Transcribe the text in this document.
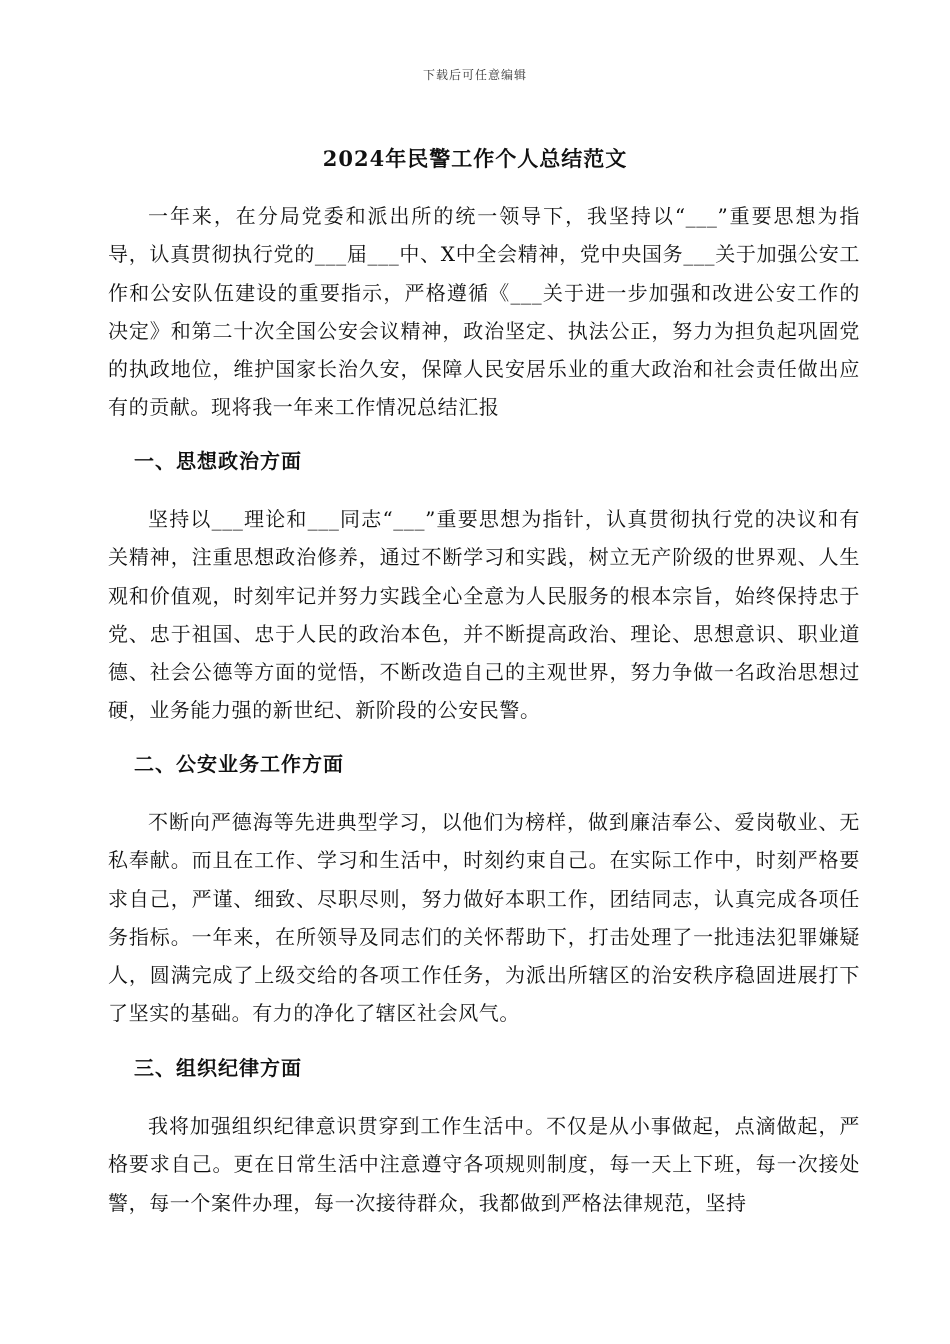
下载后可任意编辑
2024年民警工作个人总结范文

一年来，在分局党委和派出所的统一领导下，我坚持以“___”重要思想为指导，认真贯彻执行党的___届___中、X中全会精神，党中央国务___关于加强公安工作和公安队伍建设的重要指示，严格遵循《___关于进一步加强和改进公安工作的决定》和第二十次全国公安会议精神，政治坚定、执法公正，努力为担负起巩固党的执政地位，维护国家长治久安，保障人民安居乐业的重大政治和社会责任做出应有的贡献。现将我一年来工作情况总结汇报

一、思想政治方面

坚持以___理论和___同志“___”重要思想为指针，认真贯彻执行党的决议和有关精神，注重思想政治修养，通过不断学习和实践，树立无产阶级的世界观、人生观和价值观，时刻牢记并努力实践全心全意为人民服务的根本宗旨，始终保持忠于党、忠于祖国、忠于人民的政治本色，并不断提高政治、理论、思想意识、职业道德、社会公德等方面的觉悟，不断改造自己的主观世界，努力争做一名政治思想过硬，业务能力强的新世纪、新阶段的公安民警。

二、公安业务工作方面

不断向严德海等先进典型学习，以他们为榜样，做到廉洁奉公、爱岗敬业、无私奉献。而且在工作、学习和生活中，时刻约束自己。在实际工作中，时刻严格要求自己，严谨、细致、尽职尽则，努力做好本职工作，团结同志，认真完成各项任务指标。一年来，在所领导及同志们的关怀帮助下，打击处理了一批违法犯罪嫌疑人，圆满完成了上级交给的各项工作任务，为派出所辖区的治安秩序稳固进展打下了坚实的基础。有力的净化了辖区社会风气。

三、组织纪律方面

我将加强组织纪律意识贯穿到工作生活中。不仅是从小事做起，点滴做起，严格要求自己。更在日常生活中注意遵守各项规则制度，每一天上下班，每一次接处警，每一个案件办理，每一次接待群众，我都做到严格法律规范，坚持
